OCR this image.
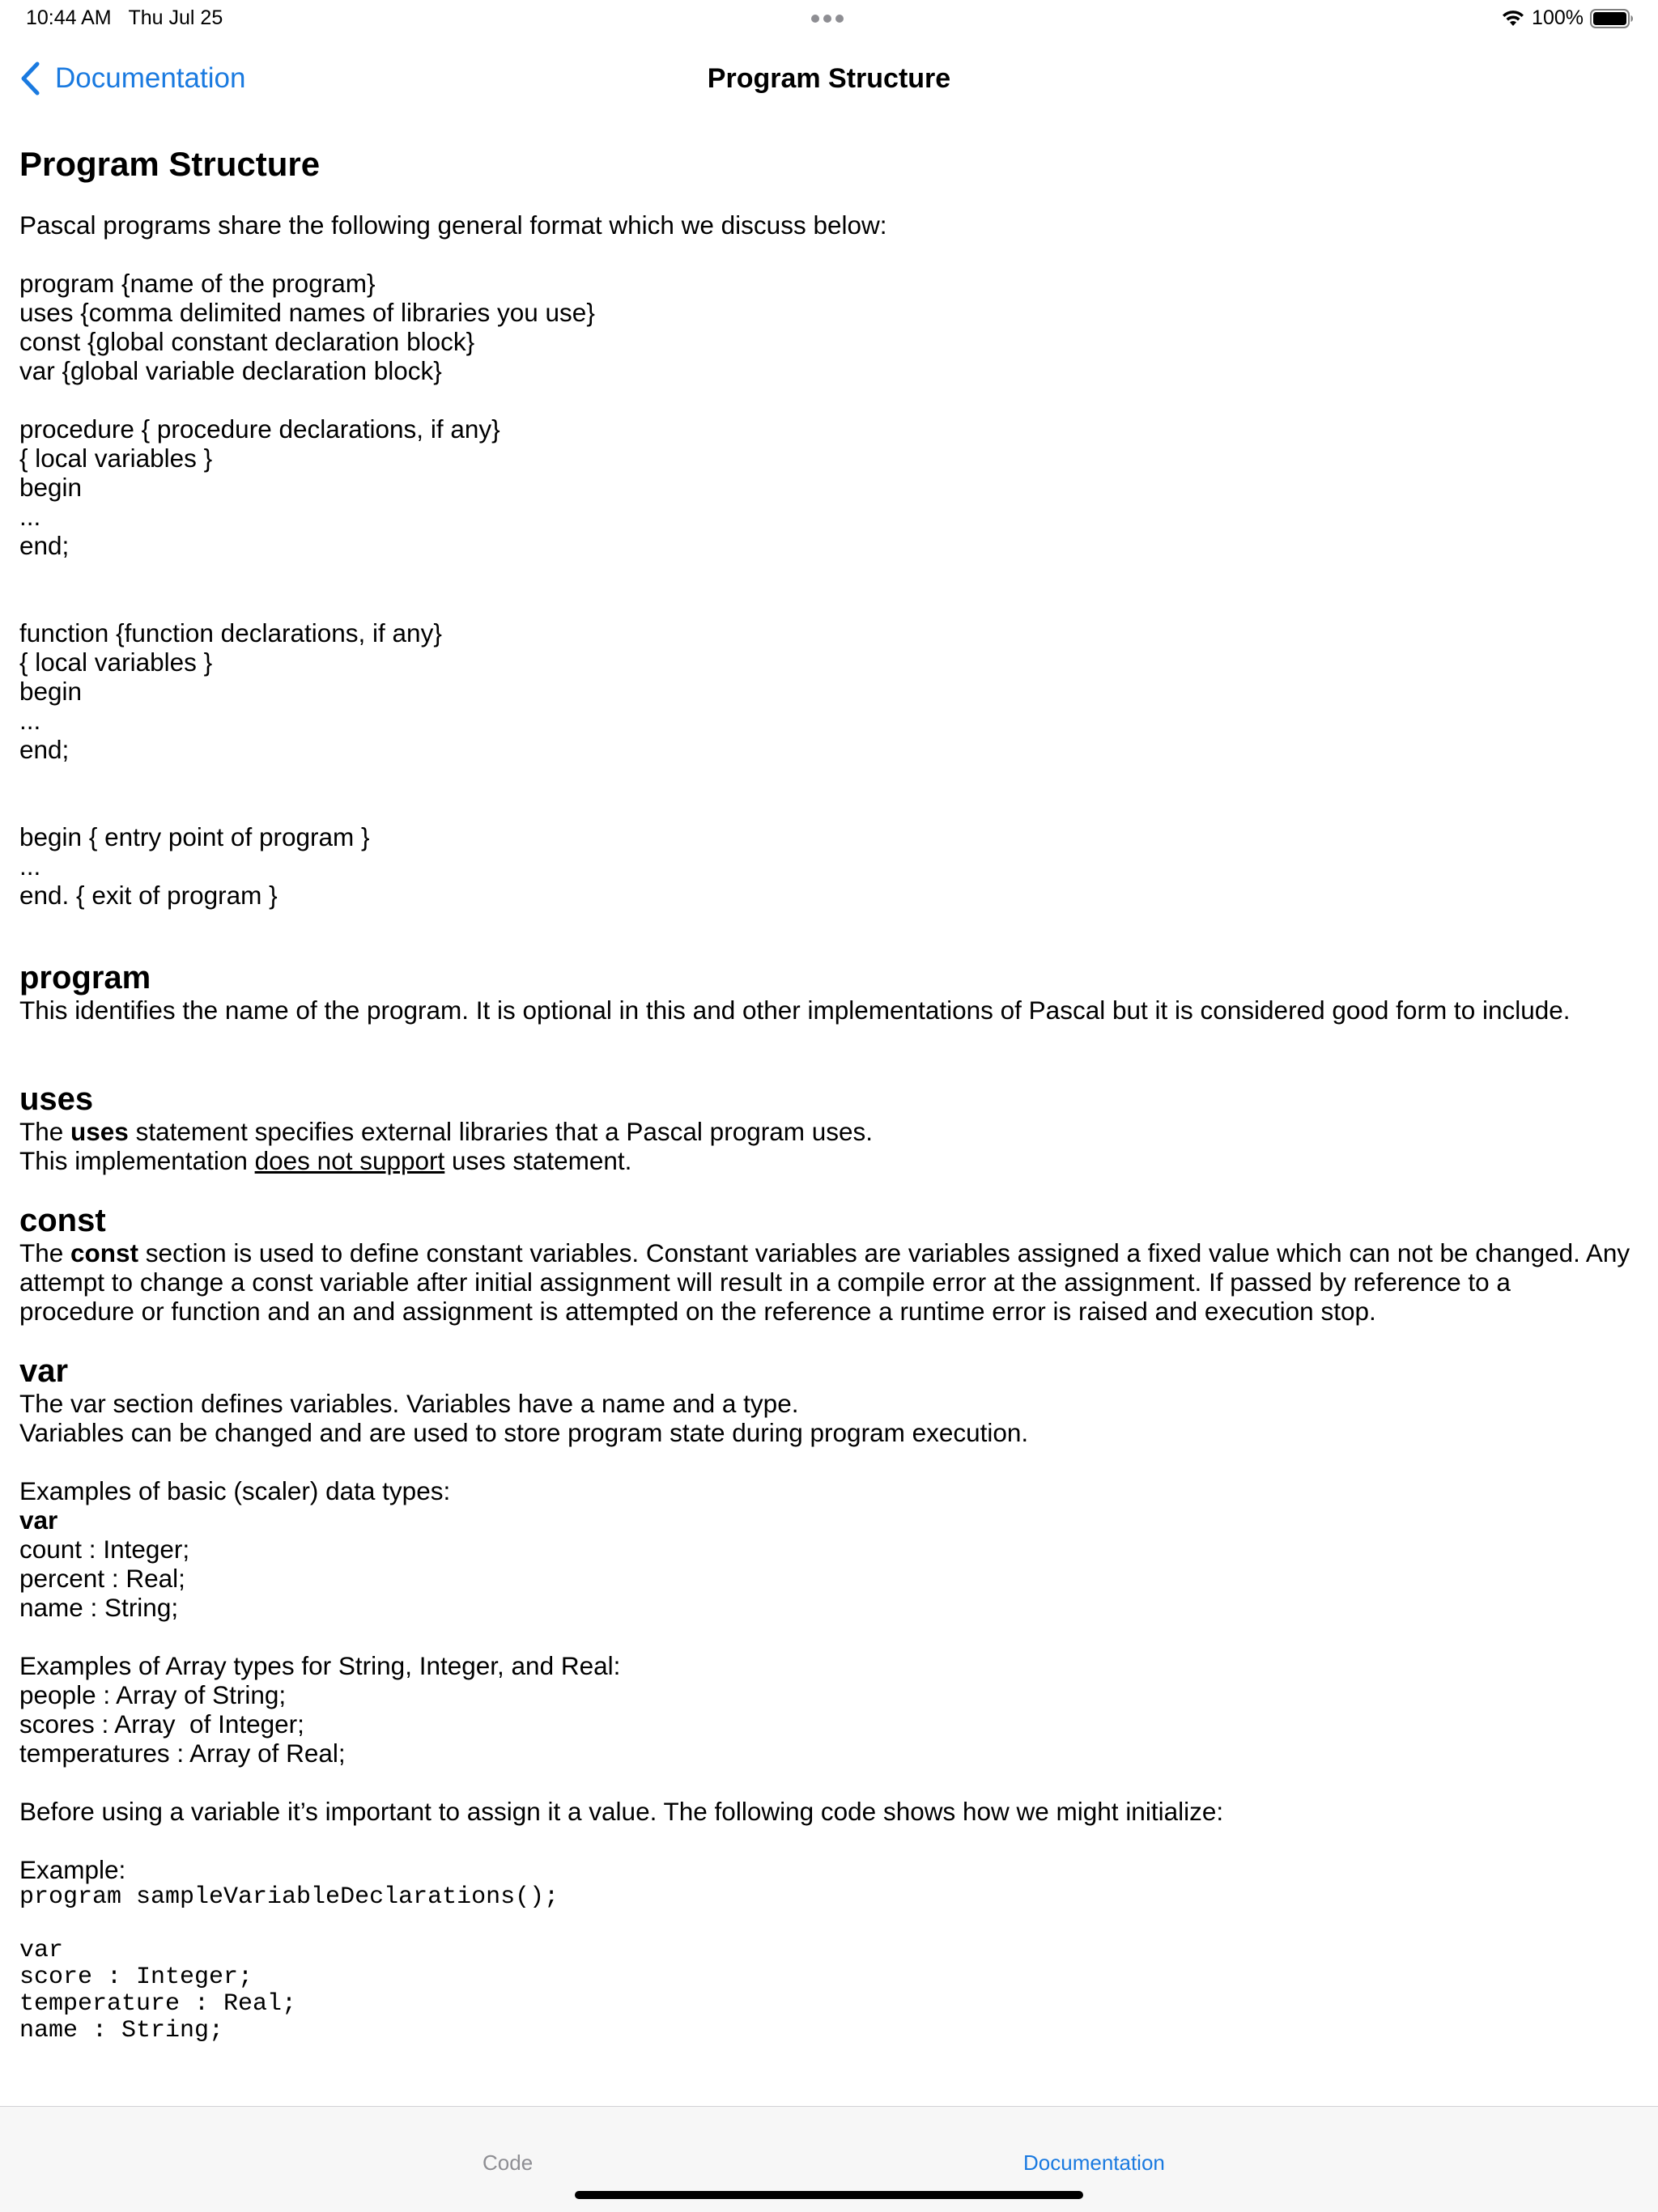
10:44 AM Thu Jul 25	100%
Documentation	Program Structure
Program Structure

Pascal programs share the following general format which we discuss below:

program {name of the program}

uses {comma delimited names of libraries you use}

const {global constant declaration block}

var {global variable declaration block}

procedure { procedure declarations, if any}

{ local variables }

begin

...

end;

function {function declarations, if any}

{ local variables }

begin

...

end;

begin { entry point of program }

...

end. { exit of program }

program

This identifies the name of the program. It is optional in this and other implementations of Pascal but it is considered good form to include.

uses

The uses statement specifies external libraries that a Pascal program uses.

This implementation does not support uses statement.

const

The const section is used to define constant variables. Constant variables are variables assigned a fixed value which can not be changed. Any attempt to change a const variable after initial assignment will result in a compile error at the assignment. If passed by reference to a procedure or function and an and assignment is attempted on the reference a runtime error is raised and execution stop.

var

The var section defines variables. Variables have a name and a type.

Variables can be changed and are used to store program state during program execution.

Examples of basic (scaler) data types:

var

count : Integer;

percent : Real;

name : String;

Examples of Array types for String, Integer, and Real:

people : Array of String;

scores : Array  of Integer;

temperatures : Array of Real;

Before using a variable it’s important to assign it a value. The following code shows how we might initialize:

Example:

program sampleVariableDeclarations();
var
score : Integer;
temperature : Real;
name : String;
Code	Documentation
